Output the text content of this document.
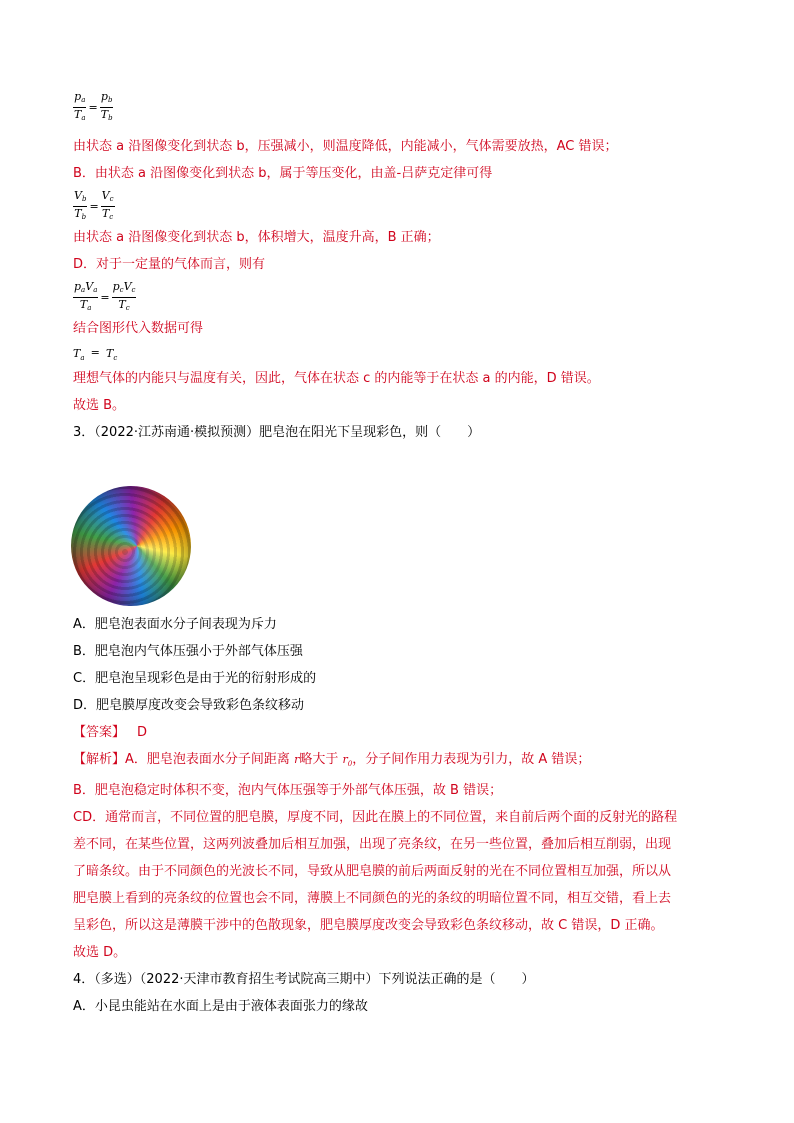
$\frac{p_a}{T_a} = \frac{p_b}{T_b}$
由状态 a 沿图像变化到状态 b，压强减小，则温度降低，内能减小，气体需要放热，AC 错误；
B．由状态 a 沿图像变化到状态 b，属于等压变化，由盖-吕萨克定律可得
$\frac{V_b}{T_b} = \frac{V_c}{T_c}$
由状态 a 沿图像变化到状态 b，体积增大，温度升高，B 正确；
D．对于一定量的气体而言，则有
$\frac{p_aV_a}{T_a} = \frac{p_cV_c}{T_c}$
结合图形代入数据可得
$T_a = T_c$
理想气体的内能只与温度有关，因此，气体在状态 c 的内能等于在状态 a 的内能，D 错误。
故选 B。
3．（2022·江苏南通·模拟预测）肥皂泡在阳光下呈现彩色，则（　　）
A．肥皂泡表面水分子间表现为斥力
B．肥皂泡内气体压强小于外部气体压强
C．肥皂泡呈现彩色是由于光的衍射形成的
D．肥皂膜厚度改变会导致彩色条纹移动
【答案】 D
【解析】A．肥皂泡表面水分子间距离 r略大于 $r_0$，分子间作用力表现为引力，故 A 错误；
B．肥皂泡稳定时体积不变，泡内气体压强等于外部气体压强，故 B 错误；
CD．通常而言，不同位置的肥皂膜，厚度不同，因此在膜上的不同位置，来自前后两个面的反射光的路程
差不同，在某些位置，这两列波叠加后相互加强，出现了亮条纹，在另一些位置，叠加后相互削弱，出现
了暗条纹。由于不同颜色的光波长不同，导致从肥皂膜的前后两面反射的光在不同位置相互加强，所以从
肥皂膜上看到的亮条纹的位置也会不同，薄膜上不同颜色的光的条纹的明暗位置不同，相互交错，看上去
呈彩色，所以这是薄膜干涉中的色散现象，肥皂膜厚度改变会导致彩色条纹移动，故 C 错误，D 正确。
故选 D。
4．（多选）（2022·天津市教育招生考试院高三期中）下列说法正确的是（　　）
A．小昆虫能站在水面上是由于液体表面张力的缘故
